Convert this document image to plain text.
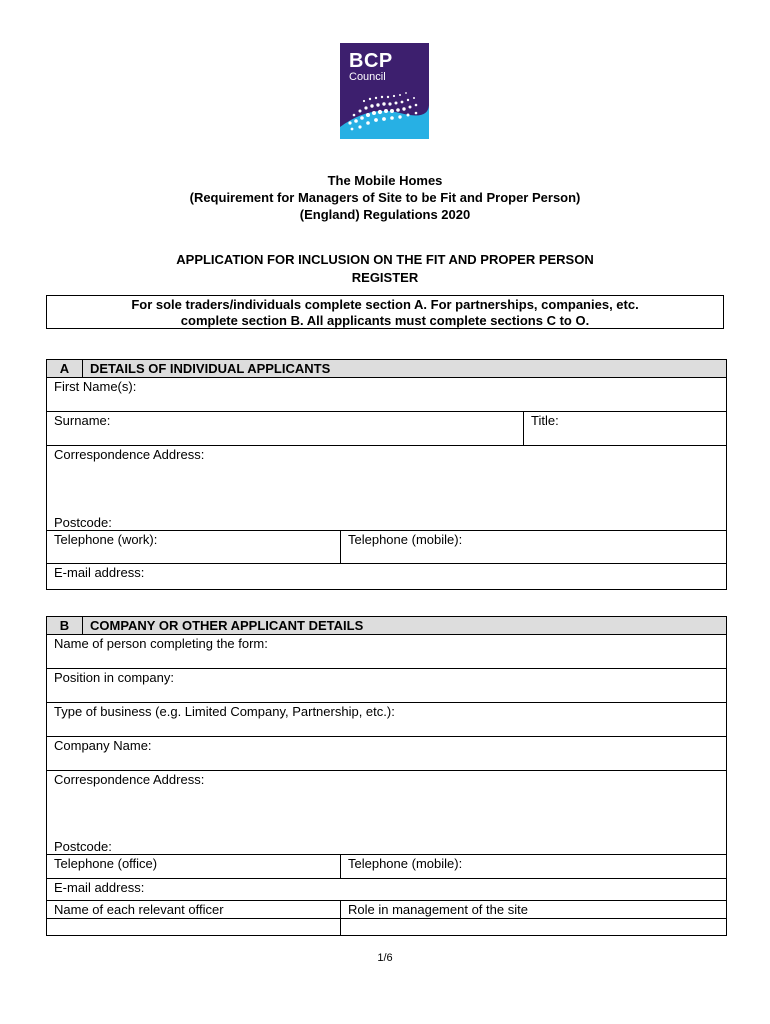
BCP
Council
The Mobile Homes
(Requirement for Managers of Site to be Fit and Proper Person)
(England) Regulations 2020
APPLICATION FOR INCLUSION ON THE FIT AND PROPER PERSON
REGISTER
For sole traders/individuals complete section A. For partnerships, companies, etc.
complete section B. All applicants must complete sections C to O.
A	DETAILS OF INDIVIDUAL APPLICANTS		
First Name(s):			
Surname:			Title:

Correspondence Address:
Postcode:			

Telephone (work):		Telephone (mobile):	
E-mail address:			
B	COMPANY OR OTHER APPLICANT DETAILS	
Name of person completing the form:		
Position in company:		
Type of business (e.g. Limited Company, Partnership, etc.):		
Company Name:		

Correspondence Address:
Postcode:		

Telephone (office)		Telephone (mobile):
E-mail address:		
Name of each relevant officer		Role in management of the site

1/6
